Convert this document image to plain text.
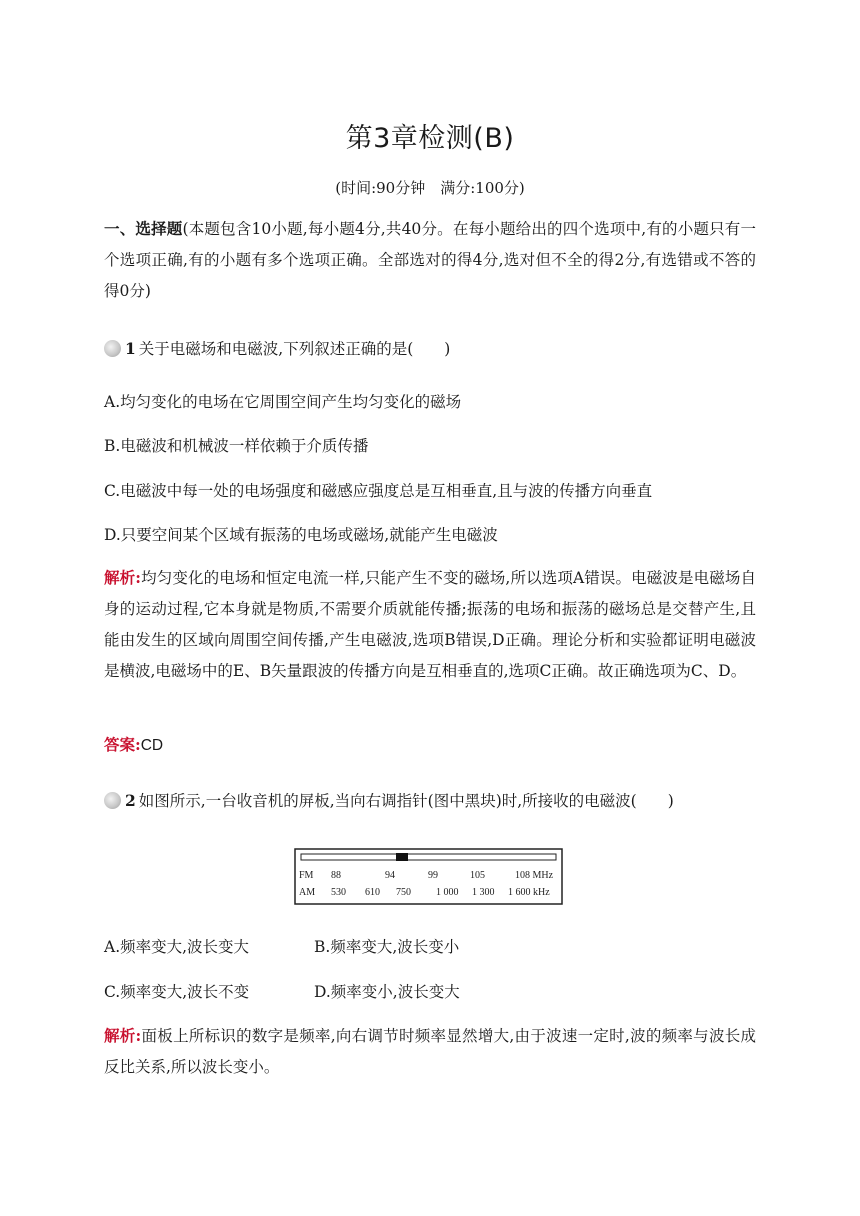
第3章检测(B)
(时间:90分钟　满分:100分)
一、选择题(本题包含10小题,每小题4分,共40分。在每小题给出的四个选项中,有的小题只有一个选项正确,有的小题有多个选项正确。全部选对的得4分,选对但不全的得2分,有选错或不答的得0分)
1 关于电磁场和电磁波,下列叙述正确的是(　　)
A.均匀变化的电场在它周围空间产生均匀变化的磁场
B.电磁波和机械波一样依赖于介质传播
C.电磁波中每一处的电场强度和磁感应强度总是互相垂直,且与波的传播方向垂直
D.只要空间某个区域有振荡的电场或磁场,就能产生电磁波
解析:均匀变化的电场和恒定电流一样,只能产生不变的磁场,所以选项A错误。电磁波是电磁场自身的运动过程,它本身就是物质,不需要介质就能传播;振荡的电场和振荡的磁场总是交替产生,且能由发生的区域向周围空间传播,产生电磁波,选项B错误,D正确。理论分析和实验都证明电磁波是横波,电磁场中的E、B矢量跟波的传播方向是互相垂直的,选项C正确。故正确选项为C、D。
答案:CD
2 如图所示,一台收音机的屏板,当向右调指针(图中黑块)时,所接收的电磁波(　　)
FM 88	94	99	105	108 MHz
AM 530 610 750	1 000 1 300 1 600 kHz
A.频率变大,波长变大	B.频率变大,波长变小
C.频率变大,波长不变	D.频率变小,波长变大
解析:面板上所标识的数字是频率,向右调节时频率显然增大,由于波速一定时,波的频率与波长成反比关系,所以波长变小。
